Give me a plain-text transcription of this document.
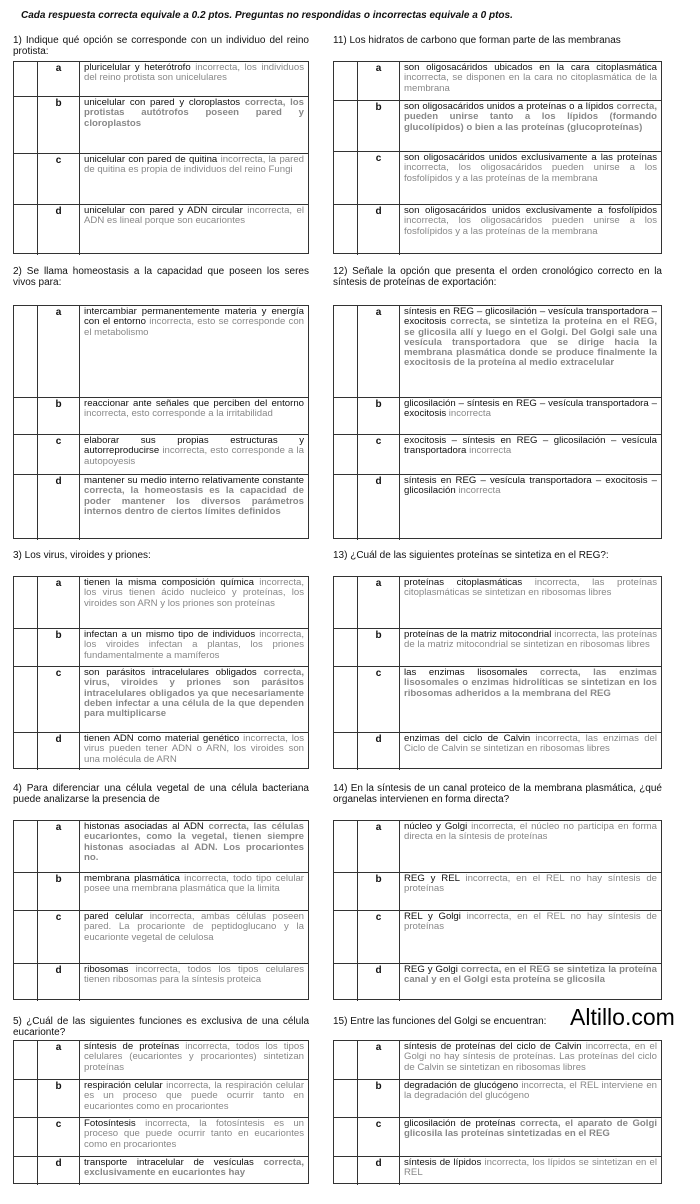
Cada respuesta correcta equivale a 0.2 ptos. Preguntas no respondidas o incorrectas equivale a 0 ptos.
1) Indique qué opción se corresponde con un individuo del reino protista:
a	pluricelular y heterótrofo incorrecta, los individuos del reino protista son unicelulares
b	unicelular con pared y cloroplastos correcta, los protistas autótrofos poseen pared y cloroplastos
c	unicelular con pared de quitina incorrecta, la pared de quitina es propia de individuos del reino Fungi
d	unicelular con pared y ADN circular incorrecta, el ADN es lineal porque son eucariontes
2) Se llama homeostasis a la capacidad que poseen los seres vivos para:
a	intercambiar permanentemente materia y energía con el entorno incorrecta, esto se corresponde con el metabolismo
b	reaccionar ante señales que perciben del entorno incorrecta, esto corresponde a la irritabilidad
c	elaborar sus propias estructuras y autorreproducirse incorrecta, esto corresponde a la autopoyesis
d	mantener su medio interno relativamente constante correcta, la homeostasis es la capacidad de poder mantener los diversos parámetros internos dentro de ciertos límites definidos
3) Los virus, viroides y priones:
a	tienen la misma composición química incorrecta, los virus tienen ácido nucleico y proteínas, los viroides son ARN y los priones son proteínas
b	infectan a un mismo tipo de individuos incorrecta, los viroides infectan a plantas, los priones fundamentalmente a mamíferos
c	son parásitos intracelulares obligados correcta, virus, viroides y priones son parásitos intracelulares obligados ya que necesariamente deben infectar a una célula de la que dependen para multiplicarse
d	tienen ADN como material genético incorrecta, los virus pueden tener ADN o ARN, los viroides son una molécula de ARN
4) Para diferenciar una célula vegetal de una célula bacteriana puede analizarse la presencia de
a	histonas asociadas al ADN correcta, las células eucariontes, como la vegetal, tienen siempre histonas asociadas al ADN. Los procariontes no.
b	membrana plasmática incorrecta, todo tipo celular posee una membrana plasmática que la limita
c	pared celular incorrecta, ambas células poseen pared. La procarionte de peptidoglucano y la eucarionte vegetal de celulosa
d	ribosomas incorrecta, todos los tipos celulares tienen ribosomas para la síntesis proteica
5) ¿Cuál de las siguientes funciones es exclusiva de una célula eucarionte?
a	síntesis de proteínas incorrecta, todos los tipos celulares (eucariontes y procariontes) sintetizan proteínas
b	respiración celular incorrecta, la respiración celular es un proceso que puede ocurrir tanto en eucariontes como en procariontes
c	Fotosíntesis incorrecta, la fotosíntesis es un proceso que puede ocurrir tanto en eucariontes como en procariontes
d	transporte intracelular de vesículas correcta, exclusivamente en eucariontes hay
11) Los hidratos de carbono que forman parte de las membranas
a	son oligosacáridos ubicados en la cara citoplasmática incorrecta, se disponen en la cara no citoplasmática de la membrana
b	son oligosacáridos unidos a proteínas o a lípidos correcta, pueden unirse tanto a los lípidos (formando glucolípidos) o bien a las proteínas (glucoproteínas)
c	son oligosacáridos unidos exclusivamente a las proteínas incorrecta, los oligosacáridos pueden unirse a los fosfolípidos y a las proteínas de la membrana
d	son oligosacáridos unidos exclusivamente a fosfolípidos incorrecta, los oligosacáridos pueden unirse a los fosfolípidos y a las proteínas de la membrana
12) Señale la opción que presenta el orden cronológico correcto en la síntesis de proteínas de exportación:
a	síntesis en REG – glicosilación – vesícula transportadora – exocitosis correcta, se sintetiza la proteína en el REG, se glicosila allí y luego en el Golgi. Del Golgi sale una vesícula transportadora que se dirige hacia la membrana plasmática donde se produce finalmente la exocitosis de la proteína al medio extracelular
b	glicosilación – síntesis en REG – vesícula transportadora – exocitosis incorrecta
c	exocitosis – síntesis en REG – glicosilación – vesícula transportadora incorrecta
d	síntesis en REG – vesícula transportadora – exocitosis – glicosilación incorrecta
13) ¿Cuál de las siguientes proteínas se sintetiza en el REG?:
a	proteínas citoplasmáticas incorrecta, las proteínas citoplasmáticas se sintetizan en ribosomas libres
b	proteínas de la matriz mitocondrial incorrecta, las proteínas de la matriz mitocondrial se sintetizan en ribosomas libres
c	las enzimas lisosomales correcta, las enzimas lisosomales o enzimas hidrolíticas se sintetizan en los ribosomas adheridos a la membrana del REG
d	enzimas del ciclo de Calvin incorrecta, las enzimas del Ciclo de Calvin se sintetizan en ribosomas libres
14) En la síntesis de un canal proteico de la membrana plasmática, ¿qué organelas intervienen en forma directa?
a	núcleo y Golgi incorrecta, el núcleo no participa en forma directa en la síntesis de proteínas
b	REG y REL incorrecta, en el REL no hay síntesis de proteínas
c	REL y Golgi incorrecta, en el REL no hay síntesis de proteínas
d	REG y Golgi correcta, en el REG se sintetiza la proteína canal y en el Golgi esta proteína se glicosila
15) Entre las funciones del Golgi se encuentran:
a	síntesis de proteínas del ciclo de Calvin incorrecta, en el Golgi no hay síntesis de proteínas. Las proteínas del ciclo de Calvin se sintetizan en ribosomas libres
b	degradación de glucógeno incorrecta, el REL interviene en la degradación del glucógeno
c	glicosilación de proteínas correcta, el aparato de Golgi glicosila las proteínas sintetizadas en el REG
d	síntesis de lípidos incorrecta, los lípidos se sintetizan en el REL
Altillo.com
